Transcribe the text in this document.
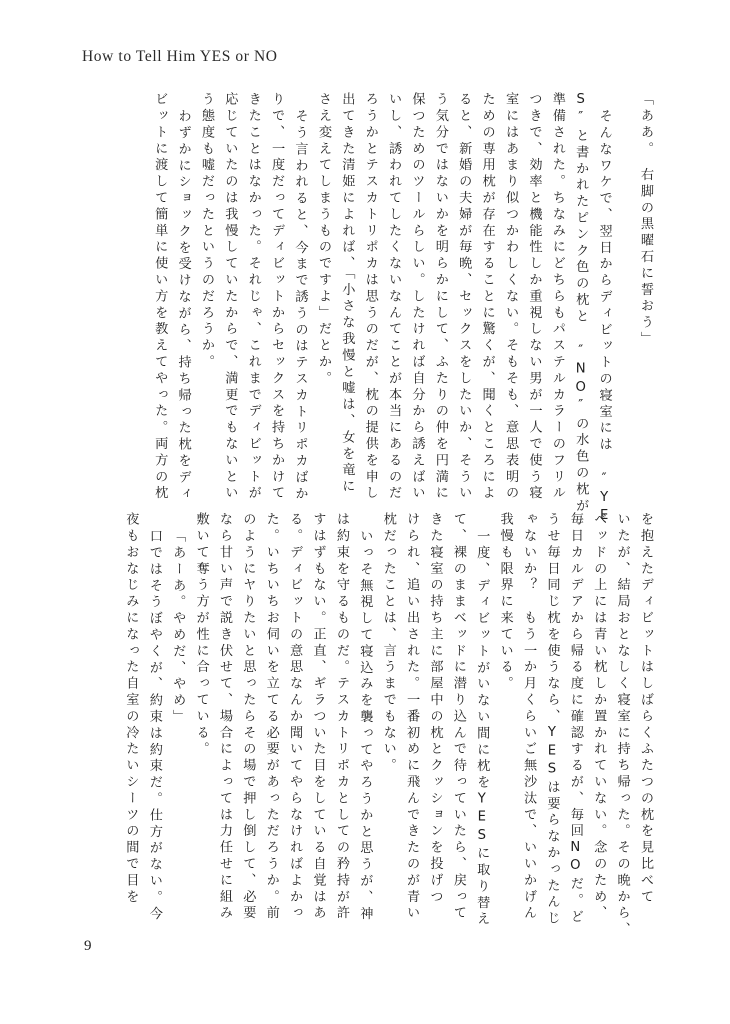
How to Tell Him YES or NO
「ああ。　右脚の黒曜石に誓おう」
そんなワケで、翌日からディビットの寝室には ″YE
S″と書かれたピンク色の枕と ″NO″の水色の枕が
準備された。ちなみにどちらもパステルカラーのフリル
つきで、効率と機能性しか重視しない男が一人で使う寝
室にはあまり似つかわしくない。そもそも、意思表明の
ための専用枕が存在することに驚くが、聞くところによ
ると、新婚の夫婦が毎晩、セックスをしたいか、そうい
う気分ではないかを明らかにして、ふたりの仲を円満に
保つためのツールらしい。したければ自分から誘えばい
いし、誘われてしたくないなんてことが本当にあるのだ
ろうかとテスカトリポカは思うのだが、枕の提供を申し
出てきた清姫によれば、「小さな我慢と嘘は、女を竜に
さえ変えてしまうものですよ」だとか。
そう言われると、今まで誘うのはテスカトリポカばか
りで、一度だってディビットからセックスを持ちかけて
きたことはなかった。それじゃ、これまでディビットが
応じていたのは我慢していたからで、満更でもないとい
う態度も嘘だったというのだろうか。
わずかにショックを受けながら、持ち帰った枕をディ
ビットに渡して簡単に使い方を教えてやった。両方の枕
を抱えたディビットはしばらくふたつの枕を見比べて
いたが、結局おとなしく寝室に持ち帰った。その晩から、
ベッドの上には青い枕しか置かれていない。念のため、
毎日カルデアから帰る度に確認するが、毎回NOだ。ど
うせ毎日同じ枕を使うなら、YESは要らなかったんじ
ゃないか？　もう一か月くらいご無沙汰で、いいかげん
我慢も限界に来ている。
一度、ディビットがいない間に枕をYESに取り替え
て、裸のままベッドに潜り込んで待っていたら、戻って
きた寝室の持ち主に部屋中の枕とクッションを投げつ
けられ、追い出された。一番初めに飛んできたのが青い
枕だったことは、言うまでもない。
いっそ無視して寝込みを襲ってやろうかと思うが、神
は約束を守るものだ。テスカトリポカとしての矜持が許
すはずもない。正直、ギラついた目をしている自覚はあ
る。ディビットの意思なんか聞いてやらなければよかっ
た。いちいちお伺いを立てる必要があっただろうか。前
のようにヤりたいと思ったらその場で押し倒して、必要
なら甘い声で説き伏せて、場合によっては力任せに組み
敷いて奪う方が性に合っている。
「あーあ。やめだ、やめ」
口ではそうぼやくが、約束は約束だ。仕方がない。今
夜もおなじみになった自室の冷たいシーツの間で目を
9
